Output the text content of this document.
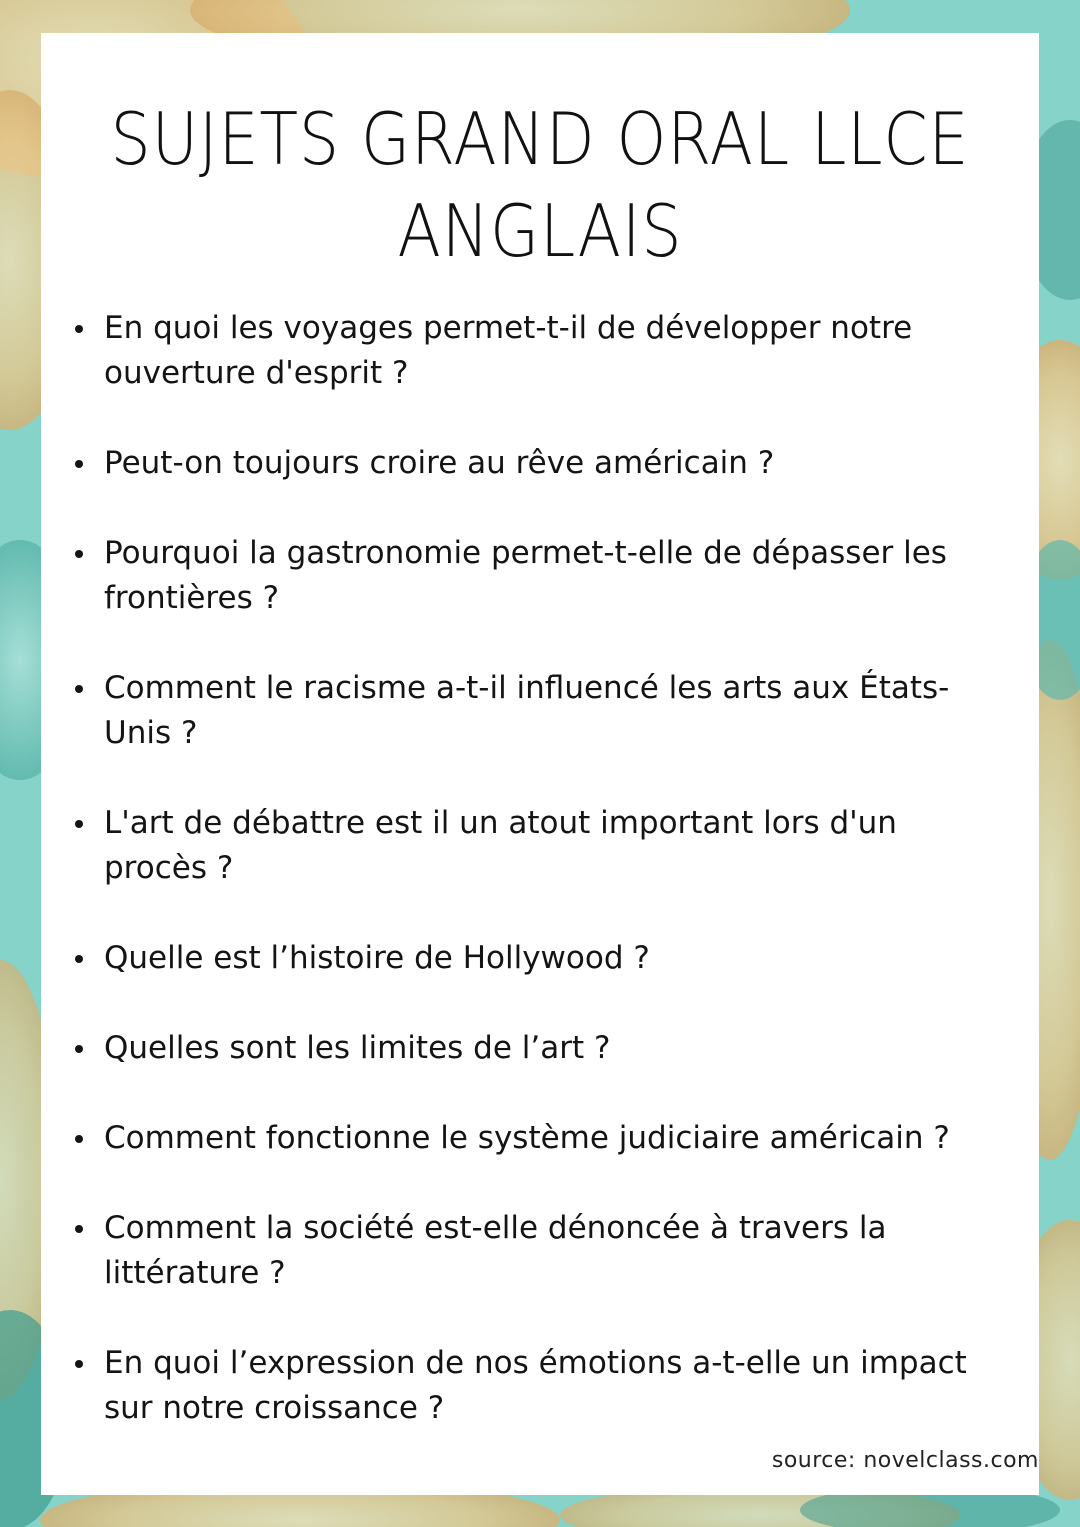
SUJETS GRAND ORAL LLCE
ANGLAIS
En quoi les voyages permet-t-il de développer notre
ouverture d'esprit ?
Peut-on toujours croire au rêve américain ?
Pourquoi la gastronomie permet-t-elle de dépasser les
frontières ?
Comment le racisme a-t-il influencé les arts aux États-
Unis ?
L'art de débattre est il un atout important lors d'un
procès ?
Quelle est l’histoire de Hollywood ?
Quelles sont les limites de l’art ?
Comment fonctionne le système judiciaire américain ?
Comment la société est-elle dénoncée à travers la
littérature ?
En quoi l’expression de nos émotions a-t-elle un impact
sur notre croissance ?
source: novelclass.com
